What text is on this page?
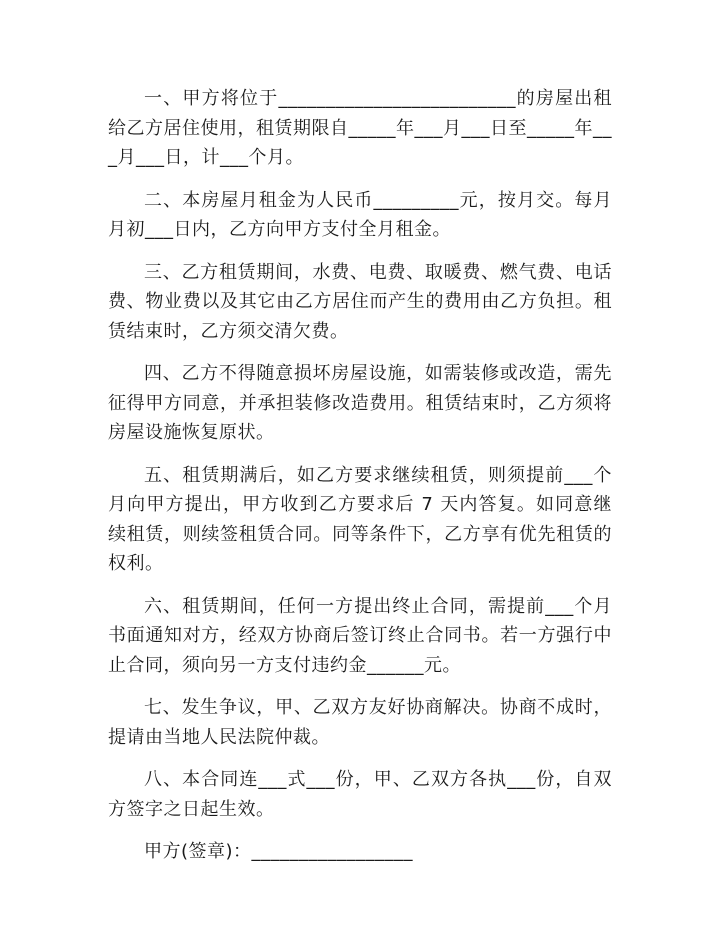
一、甲方将位于_________________________的房屋出租给乙方居住使用，租赁期限自_____年___月___日至_____年___月___日，计___个月。

二、本房屋月租金为人民币_________元，按月交。每月月初___日内，乙方向甲方支付全月租金。

三、乙方租赁期间，水费、电费、取暖费、燃气费、电话费、物业费以及其它由乙方居住而产生的费用由乙方负担。租赁结束时，乙方须交清欠费。

四、乙方不得随意损坏房屋设施，如需装修或改造，需先征得甲方同意，并承担装修改造费用。租赁结束时，乙方须将房屋设施恢复原状。

五、租赁期满后，如乙方要求继续租赁，则须提前___个月向甲方提出，甲方收到乙方要求后 7 天内答复。如同意继续租赁，则续签租赁合同。同等条件下，乙方享有优先租赁的权利。

六、租赁期间，任何一方提出终止合同，需提前___个月书面通知对方，经双方协商后签订终止合同书。若一方强行中止合同，须向另一方支付违约金______元。

七、发生争议，甲、乙双方友好协商解决。协商不成时，提请由当地人民法院仲裁。

八、本合同连___式___份，甲、乙双方各执___份，自双方签字之日起生效。

甲方(签章)：_________________
